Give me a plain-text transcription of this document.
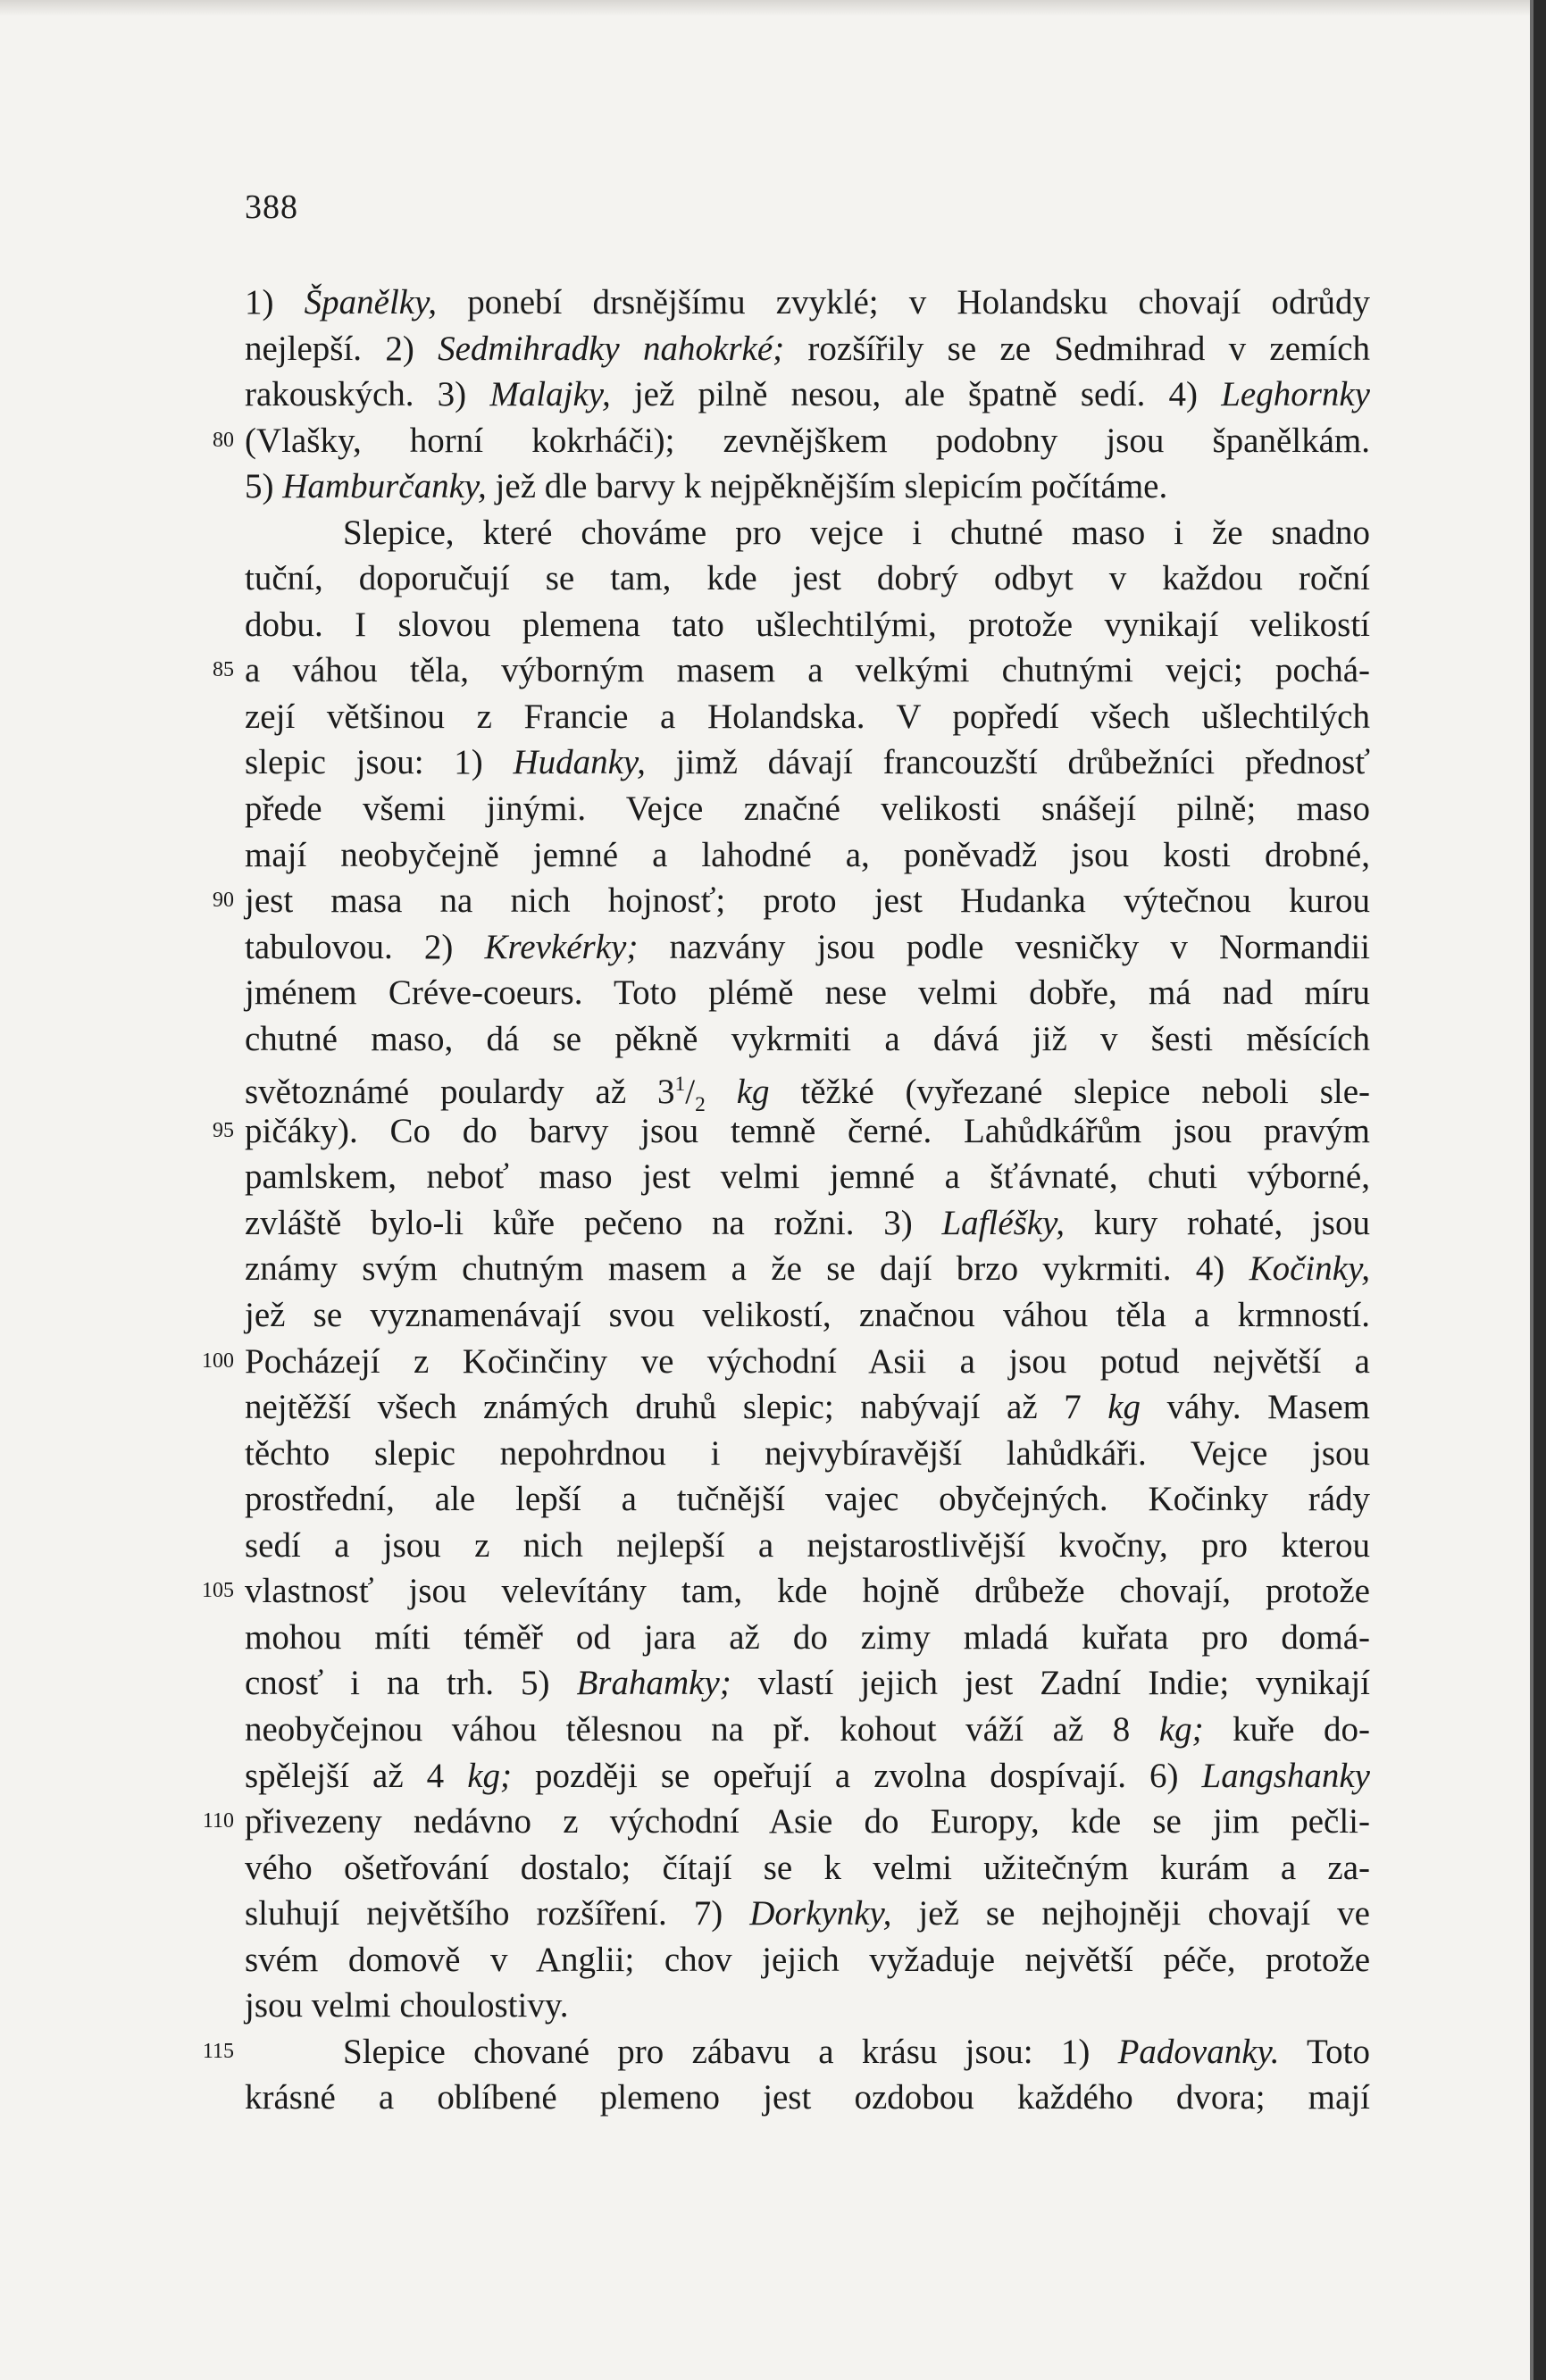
388
1) Španělky, ponebí drsnějšímu zvyklé; v Holandsku chovají odrůdy
nejlepší. 2) Sedmihradky nahokrké; rozšířily se ze Sedmihrad v zemích
rakouských. 3) Malajky, jež pilně nesou, ale špatně sedí. 4) Leghornky
80 (Vlašky, horní kokrháči); zevnějškem podobny jsou španělkám.
5) Hamburčanky, jež dle barvy k nejpěknějším slepicím počítáme.
Slepice, které chováme pro vejce i chutné maso i že snadno
tuční, doporučují se tam, kde jest dobrý odbyt v každou roční
dobu. I slovou plemena tato ušlechtilými, protože vynikají velikostí
85 a váhou těla, výborným masem a velkými chutnými vejci; pochá-
zejí většinou z Francie a Holandska. V popředí všech ušlechtilých
slepic jsou: 1) Hudanky, jimž dávají francouzští drůbežníci přednosť
přede všemi jinými. Vejce značné velikosti snášejí pilně; maso
mají neobyčejně jemné a lahodné a, poněvadž jsou kosti drobné,
90 jest masa na nich hojnosť; proto jest Hudanka výtečnou kurou
tabulovou. 2) Krevkérky; nazvány jsou podle vesničky v Normandii
jménem Créve-coeurs. Toto plémě nese velmi dobře, má nad míru
chutné maso, dá se pěkně vykrmiti a dává již v šesti měsících
světoznámé poulardy až $3^1/_2$ kg těžké (vyřezané slepice neboli sle-
95 pičáky). Co do barvy jsou temně černé. Lahůdkářům jsou pravým
pamlskem, neboť maso jest velmi jemné a šťávnaté, chuti výborné,
zvláště bylo-li kůře pečeno na rožni. 3) Lafléšky, kury rohaté, jsou
známy svým chutným masem a že se dají brzo vykrmiti. 4) Kočinky,
jež se vyznamenávají svou velikostí, značnou váhou těla a krmností.
100 Pocházejí z Kočinčiny ve východní Asii a jsou potud největší a
nejtěžší všech známých druhů slepic; nabývají až 7 kg váhy. Masem
těchto slepic nepohrdnou i nejvybíravější lahůdkáři. Vejce jsou
prostřední, ale lepší a tučnější vajec obyčejných. Kočinky rády
sedí a jsou z nich nejlepší a nejstarostlivější kvočny, pro kterou
105 vlastnosť jsou velevítány tam, kde hojně drůbeže chovají, protože
mohou míti téměř od jara až do zimy mladá kuřata pro domá-
cnosť i na trh. 5) Brahamky; vlastí jejich jest Zadní Indie; vynikají
neobyčejnou váhou tělesnou na př. kohout váží až 8 kg; kuře do-
spělejší až 4 kg; později se opeřují a zvolna dospívají. 6) Langshanky
110 přivezeny nedávno z východní Asie do Europy, kde se jim pečli-
vého ošetřování dostalo; čítají se k velmi užitečným kurám a za-
sluhují největšího rozšíření. 7) Dorkynky, jež se nejhojněji chovají ve
svém domově v Anglii; chov jejich vyžaduje největší péče, protože
jsou velmi choulostivy.
115	Slepice chované pro zábavu a krásu jsou: 1) Padovanky. Toto
krásné a oblíbené plemeno jest ozdobou každého dvora; mají
